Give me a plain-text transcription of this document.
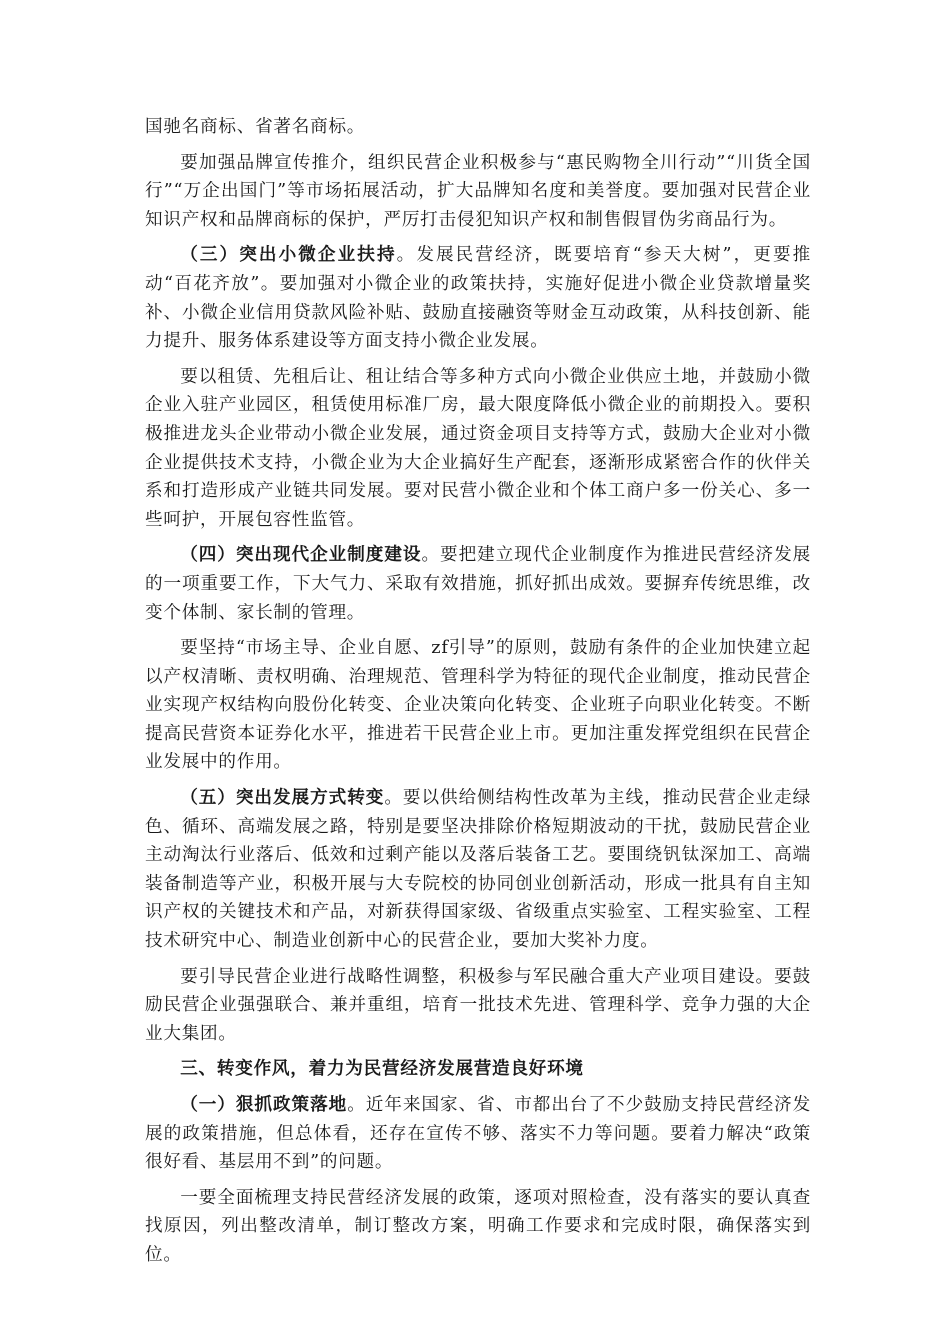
国驰名商标、省著名商标。

要加强品牌宣传推介，组织民营企业积极参与“惠民购物全川行动”“川货全国行”“万企出国门”等市场拓展活动，扩大品牌知名度和美誉度。要加强对民营企业知识产权和品牌商标的保护，严厉打击侵犯知识产权和制售假冒伪劣商品行为。

（三）突出小微企业扶持。发展民营经济，既要培育“参天大树”，更要推动“百花齐放”。要加强对小微企业的政策扶持，实施好促进小微企业贷款增量奖补、小微企业信用贷款风险补贴、鼓励直接融资等财金互动政策，从科技创新、能力提升、服务体系建设等方面支持小微企业发展。

要以租赁、先租后让、租让结合等多种方式向小微企业供应土地，并鼓励小微企业入驻产业园区，租赁使用标准厂房，最大限度降低小微企业的前期投入。要积极推进龙头企业带动小微企业发展，通过资金项目支持等方式，鼓励大企业对小微企业提供技术支持，小微企业为大企业搞好生产配套，逐渐形成紧密合作的伙伴关系和打造形成产业链共同发展。要对民营小微企业和个体工商户多一份关心、多一些呵护，开展包容性监管。

（四）突出现代企业制度建设。要把建立现代企业制度作为推进民营经济发展的一项重要工作，下大气力、采取有效措施，抓好抓出成效。要摒弃传统思维，改变个体制、家长制的管理。

要坚持“市场主导、企业自愿、zf引导”的原则，鼓励有条件的企业加快建立起以产权清晰、责权明确、治理规范、管理科学为特征的现代企业制度，推动民营企业实现产权结构向股份化转变、企业决策向化转变、企业班子向职业化转变。不断提高民营资本证券化水平，推进若干民营企业上市。更加注重发挥党组织在民营企业发展中的作用。

（五）突出发展方式转变。要以供给侧结构性改革为主线，推动民营企业走绿色、循环、高端发展之路，特别是要坚决排除价格短期波动的干扰，鼓励民营企业主动淘汰行业落后、低效和过剩产能以及落后装备工艺。要围绕钒钛深加工、高端装备制造等产业，积极开展与大专院校的协同创业创新活动，形成一批具有自主知识产权的关键技术和产品，对新获得国家级、省级重点实验室、工程实验室、工程技术研究中心、制造业创新中心的民营企业，要加大奖补力度。

要引导民营企业进行战略性调整，积极参与军民融合重大产业项目建设。要鼓励民营企业强强联合、兼并重组，培育一批技术先进、管理科学、竞争力强的大企业大集团。

三、转变作风，着力为民营经济发展营造良好环境

（一）狠抓政策落地。近年来国家、省、市都出台了不少鼓励支持民营经济发展的政策措施，但总体看，还存在宣传不够、落实不力等问题。要着力解决“政策很好看、基层用不到”的问题。

一要全面梳理支持民营经济发展的政策，逐项对照检查，没有落实的要认真查找原因，列出整改清单，制订整改方案，明确工作要求和完成时限，确保落实到位。
